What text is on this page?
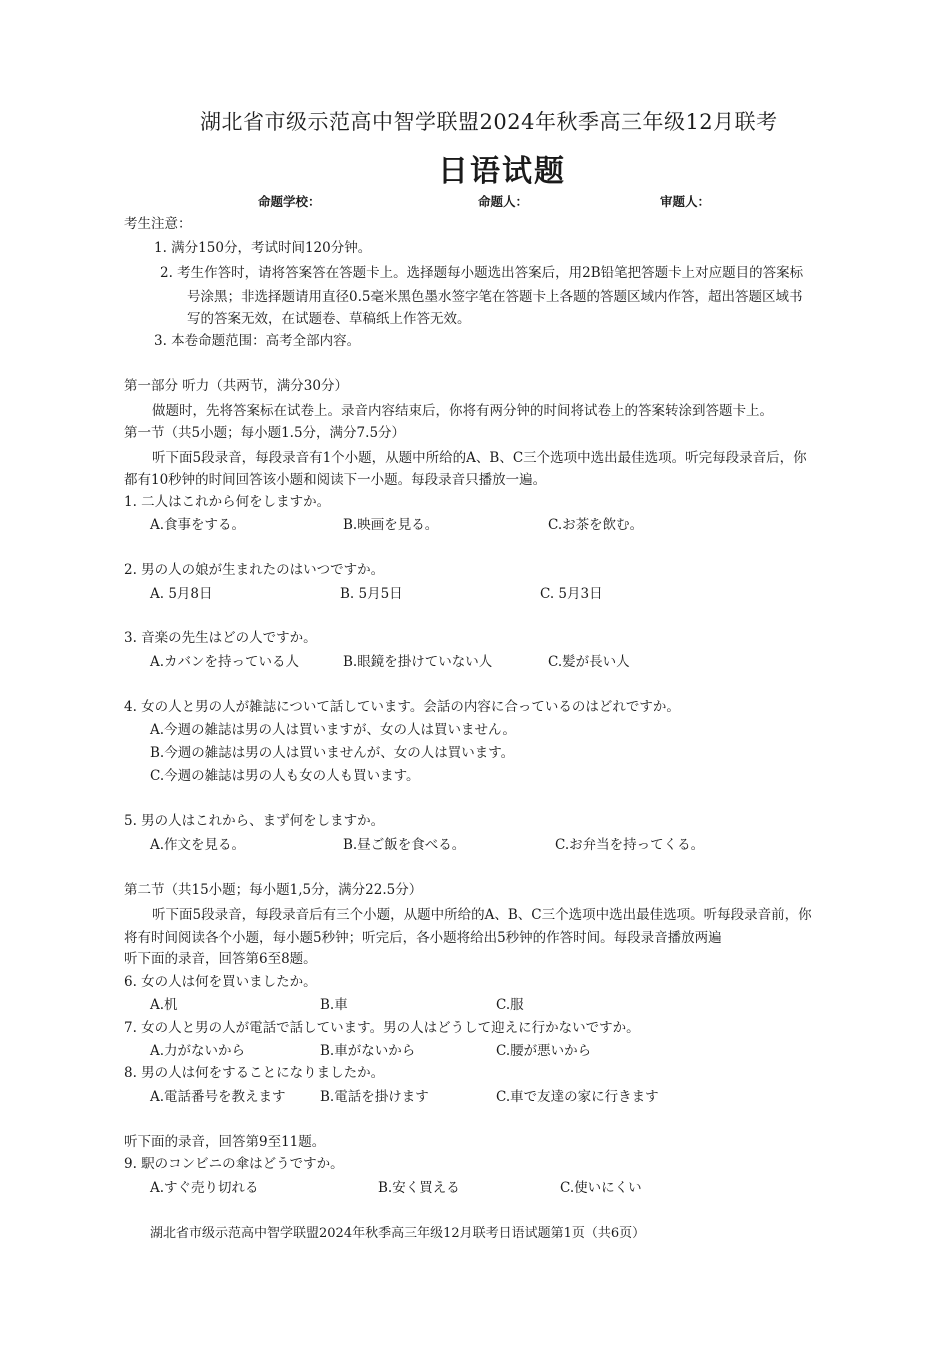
湖北省市级示范高中智学联盟2024年秋季高三年级12月联考
日语试题
命题学校：	命题人：	审题人：
考生注意：
1. 满分150分，考试时间120分钟。
2. 考生作答时，请将答案答在答题卡上。选择题每小题选出答案后，用2B铅笔把答题卡上对应题目的答案标
号涂黑；非选择题请用直径0.5毫米黑色墨水签字笔在答题卡上各题的答题区域内作答，超出答题区域书
写的答案无效，在试题卷、草稿纸上作答无效。
3. 本卷命题范围：高考全部内容。
第一部分 听力（共两节，满分30分）
做题时，先将答案标在试卷上。录音内容结束后，你将有两分钟的时间将试卷上的答案转涂到答题卡上。
第一节（共5小题；每小题1.5分，满分7.5分）
听下面5段录音，每段录音有1个小题，从题中所给的A、B、C三个选项中选出最佳选项。听完每段录音后，你
都有10秒钟的时间回答该小题和阅读下一小题。每段录音只播放一遍。
1. 二人はこれから何をしますか。
A.食事をする。	B.映画を見る。	C.お茶を飲む。
2. 男の人の娘が生まれたのはいつですか。
A. 5月8日	B. 5月5日	C. 5月3日
3. 音楽の先生はどの人ですか。
A.カバンを持っている人	B.眼鏡を掛けていない人	C.髪が長い人
4. 女の人と男の人が雑誌について話しています。会話の内容に合っているのはどれですか。
A.今週の雑誌は男の人は買いますが、女の人は買いません。
B.今週の雑誌は男の人は買いませんが、女の人は買います。
C.今週の雑誌は男の人も女の人も買います。
5. 男の人はこれから、まず何をしますか。
A.作文を見る。	B.昼ご飯を食べる。	C.お弁当を持ってくる。
第二节（共15小题；每小题1,5分，满分22.5分）
听下面5段录音，每段录音后有三个小题，从题中所给的A、B、C三个选项中选出最佳选项。听每段录音前，你
将有时间阅读各个小题，每小题5秒钟；听完后，各小题将给出5秒钟的作答时间。每段录音播放两遍
听下面的录音，回答第6至8题。
6. 女の人は何を買いましたか。
A.机	B.車	C.服
7. 女の人と男の人が電話で話しています。男の人はどうして迎えに行かないですか。
A.力がないから	B.車がないから	C.腰が悪いから
8. 男の人は何をすることになりましたか。
A.電話番号を教えます	B.電話を掛けます	C.車で友達の家に行きます
听下面的录音，回答第9至11题。
9. 駅のコンビニの傘はどうですか。
A.すぐ売り切れる	B.安く買える	C.使いにくい
湖北省市级示范高中智学联盟2024年秋季高三年级12月联考日语试题第1页（共6页）
